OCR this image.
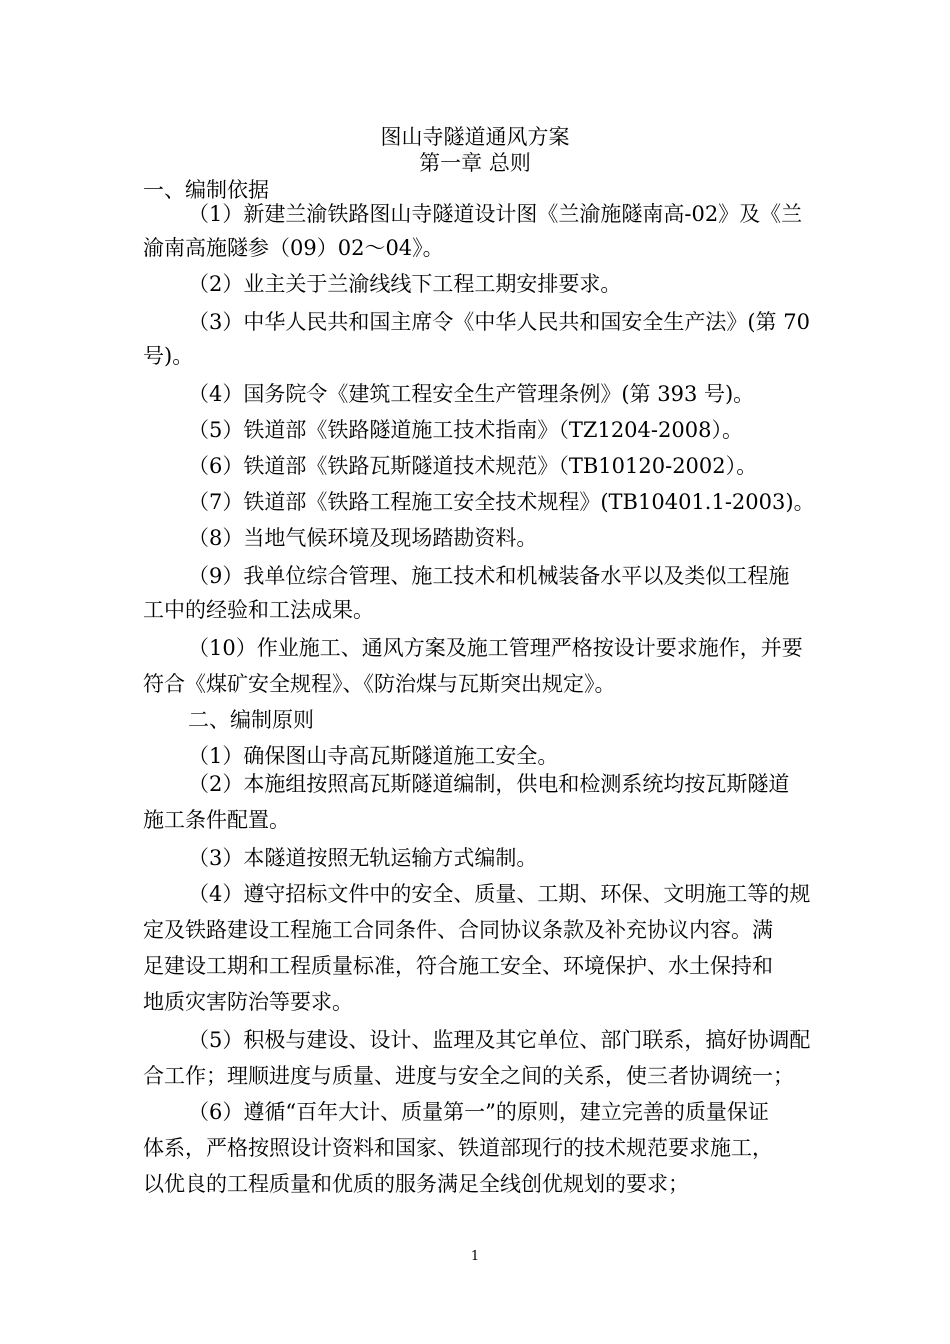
图山寺隧道通风方案
第一章 总则
一、编制依据
（1）新建兰渝铁路图山寺隧道设计图《兰渝施隧南高-02》及《兰
渝南高施隧参（09）02～04》。
（2）业主关于兰渝线线下工程工期安排要求。
（3）中华人民共和国主席令《中华人民共和国安全生产法》(第 70
号)。
（4）国务院令《建筑工程安全生产管理条例》(第 393 号)。
（5）铁道部《铁路隧道施工技术指南》（TZ1204-2008）。
（6）铁道部《铁路瓦斯隧道技术规范》（TB10120-2002）。
（7）铁道部《铁路工程施工安全技术规程》(TB10401.1-2003)。
（8）当地气候环境及现场踏勘资料。
（9）我单位综合管理、施工技术和机械装备水平以及类似工程施
工中的经验和工法成果。
（10）作业施工、通风方案及施工管理严格按设计要求施作，并要
符合《煤矿安全规程》、《防治煤与瓦斯突出规定》。
二、编制原则
（1）确保图山寺高瓦斯隧道施工安全。
（2）本施组按照高瓦斯隧道编制，供电和检测系统均按瓦斯隧道
施工条件配置。
（3）本隧道按照无轨运输方式编制。
（4）遵守招标文件中的安全、质量、工期、环保、文明施工等的规
定及铁路建设工程施工合同条件、合同协议条款及补充协议内容。满
足建设工期和工程质量标准，符合施工安全、环境保护、水土保持和
地质灾害防治等要求。
（5）积极与建设、设计、监理及其它单位、部门联系，搞好协调配
合工作；理顺进度与质量、进度与安全之间的关系，使三者协调统一；
（6）遵循“百年大计、质量第一”的原则，建立完善的质量保证
体系，严格按照设计资料和国家、铁道部现行的技术规范要求施工，
以优良的工程质量和优质的服务满足全线创优规划的要求；
1
